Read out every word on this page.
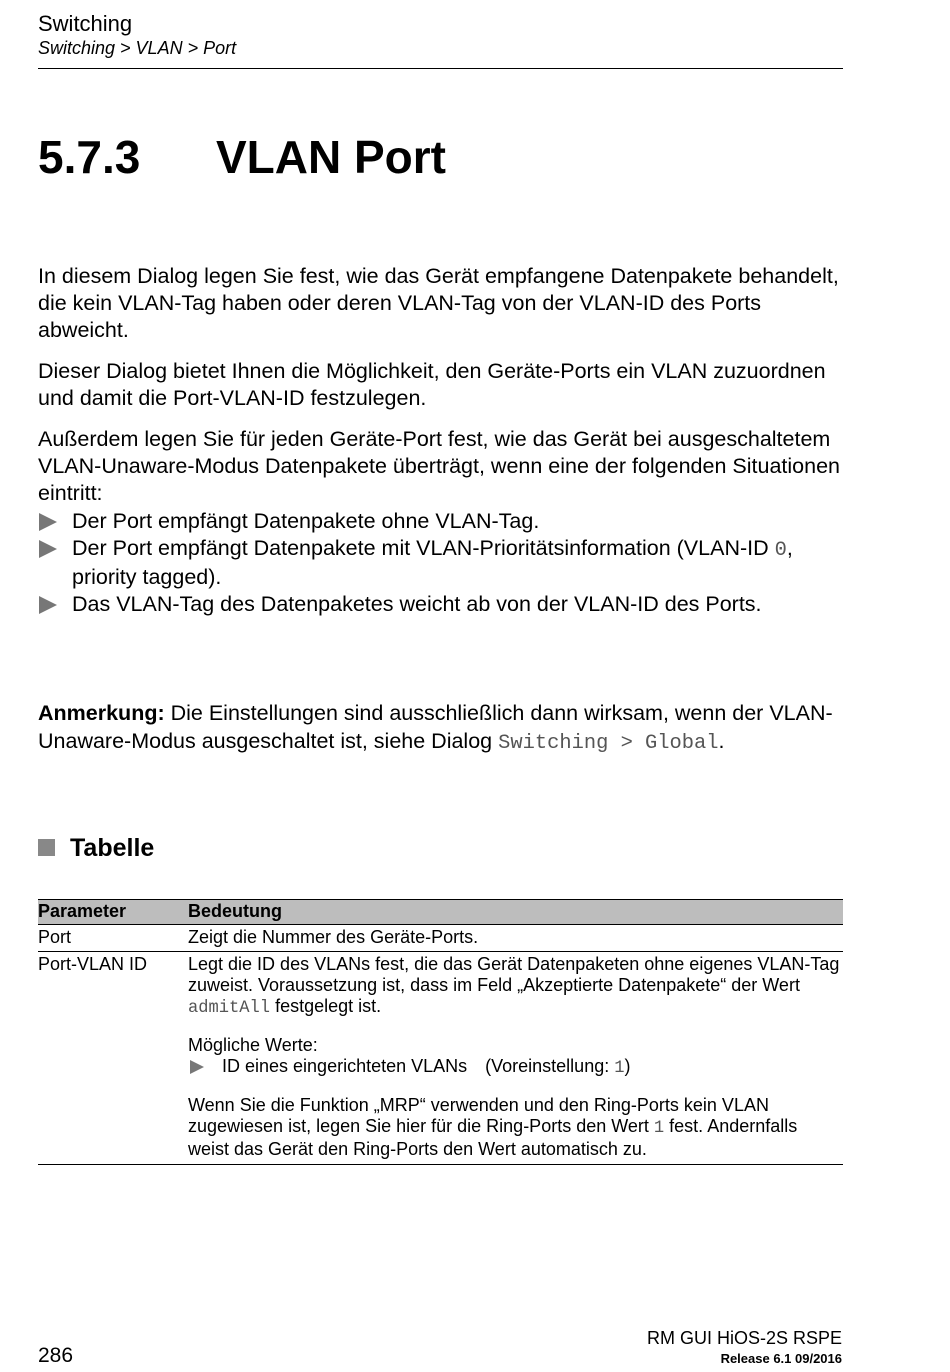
Switching
Switching > VLAN > Port
5.7.3 VLAN Port
In diesem Dialog legen Sie fest, wie das Gerät empfangene Datenpakete behandelt, die kein VLAN-Tag haben oder deren VLAN-Tag von der VLAN-ID des Ports abweicht.
Dieser Dialog bietet Ihnen die Möglichkeit, den Geräte-Ports ein VLAN zuzuordnen und damit die Port-VLAN-ID festzulegen.
Außerdem legen Sie für jeden Geräte-Port fest, wie das Gerät bei ausgeschaltetem VLAN-Unaware-Modus Datenpakete überträgt, wenn eine der folgenden Situationen eintritt:
Der Port empfängt Datenpakete ohne VLAN-Tag.
Der Port empfängt Datenpakete mit VLAN-Prioritätsinformation (VLAN-ID 0, priority tagged).
Das VLAN-Tag des Datenpaketes weicht ab von der VLAN-ID des Ports.
Anmerkung: Die Einstellungen sind ausschließlich dann wirksam, wenn der VLAN-Unaware-Modus ausgeschaltet ist, siehe Dialog Switching > Global.
Tabelle
Parameter	Bedeutung
Port	Zeigt die Nummer des Geräte-Ports.
Port-VLAN ID	Legt die ID des VLANs fest, die das Gerät Datenpaketen ohne eigenes VLAN-Tag zuweist. Voraussetzung ist, dass im Feld „Akzeptierte Datenpakete“ der Wert admitAll festgelegt ist.

Mögliche Werte:

ID eines eingerichteten VLANs (Voreinstellung: 1)

Wenn Sie die Funktion „MRP“ verwenden und den Ring-Ports kein VLAN zugewiesen ist, legen Sie hier für die Ring-Ports den Wert 1 fest. Andernfalls weist das Gerät den Ring-Ports den Wert automatisch zu.

286
RM GUI HiOS-2S RSPE
Release 6.1 09/2016
